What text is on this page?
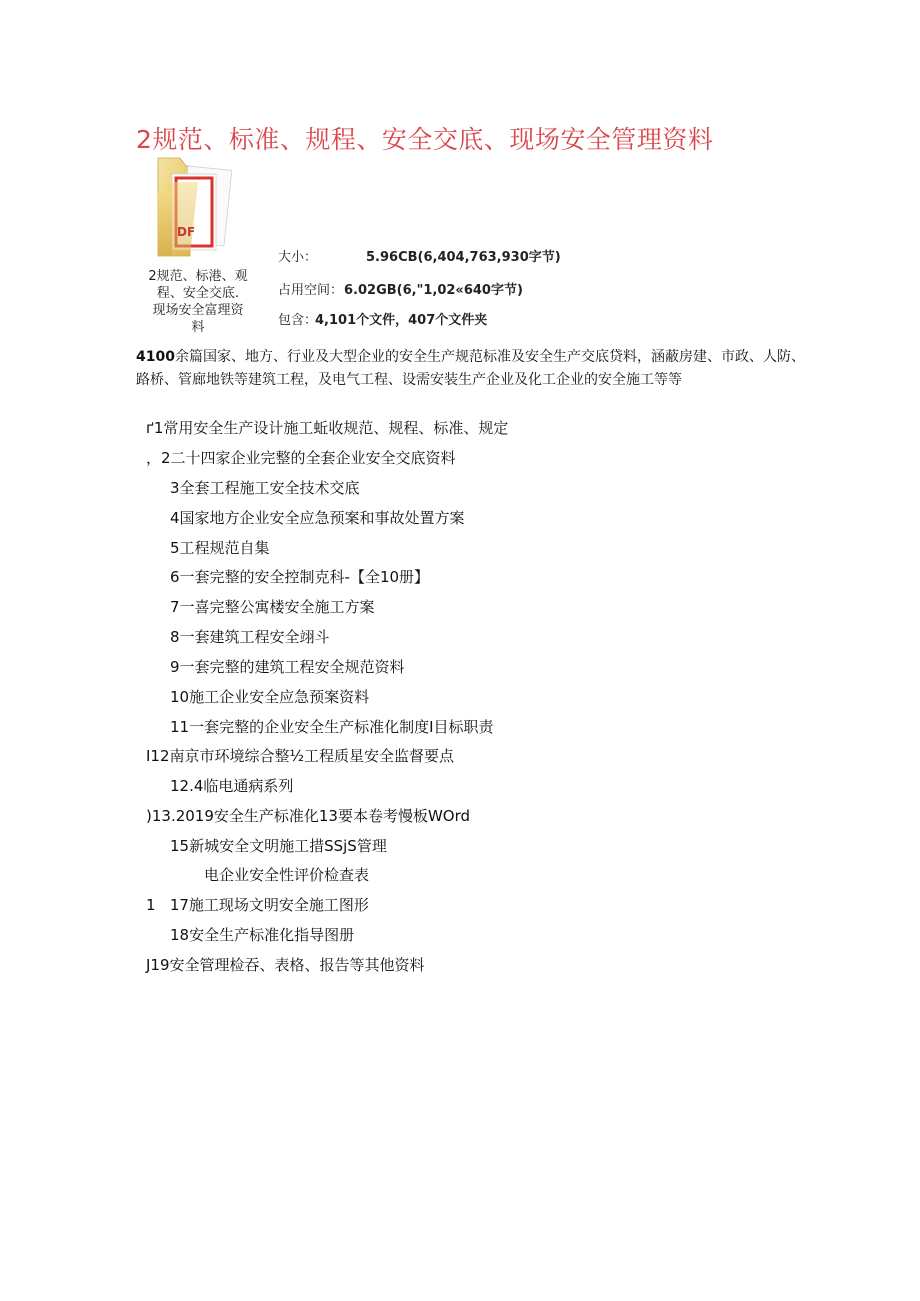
2规范、标准、规程、安全交底、现场安全管理资料
DF
2规范、标港、观
程、安全交底.
现场安全富理资
料
大小：	5.96CB(6,404,763,930字节)
占用空间： 6.02GB(6,"1,02«640字节)
包含：
4,101个文件，407个文件夹
4100余篇国家、地方、行业及大型企业的安全生产规范标准及安全生产交底贷料，涵蔽房建、市政、人防、路桥、管廊地铁等建筑工程，及电气工程、设需安装生产企业及化工企业的安全施工等等
ґ1常用安全生产设计施工蚯收规范、规程、标准、规定
，2二十四家企业完整的全套企业安全交底资料
3全套工程施工安全技术交底
4国家地方企业安全应急预案和事故处置方案
5工程规范自集
6一套完整的安全控制克科-【全10册】
7一喜完整公寓楼安全施工方案
8一套建筑工程安全翊斗
9一套完整的建筑工程安全规范资料
10施工企业安全应急预案资料
11一套完整的企业安全生产标准化制度I目标职责
I12南京市环境综合整½工程质星安全监督要点
12.4临电通病系列
)13.2019安全生产标准化13要本卷考慢板WOrd
15新城安全文明施工措SSjS管理
电企业安全性评价检查表
1   17施工现场文明安全施工图形
18安全生产标准化指导图册
J19安全管理检吞、表格、报告等其他资料
